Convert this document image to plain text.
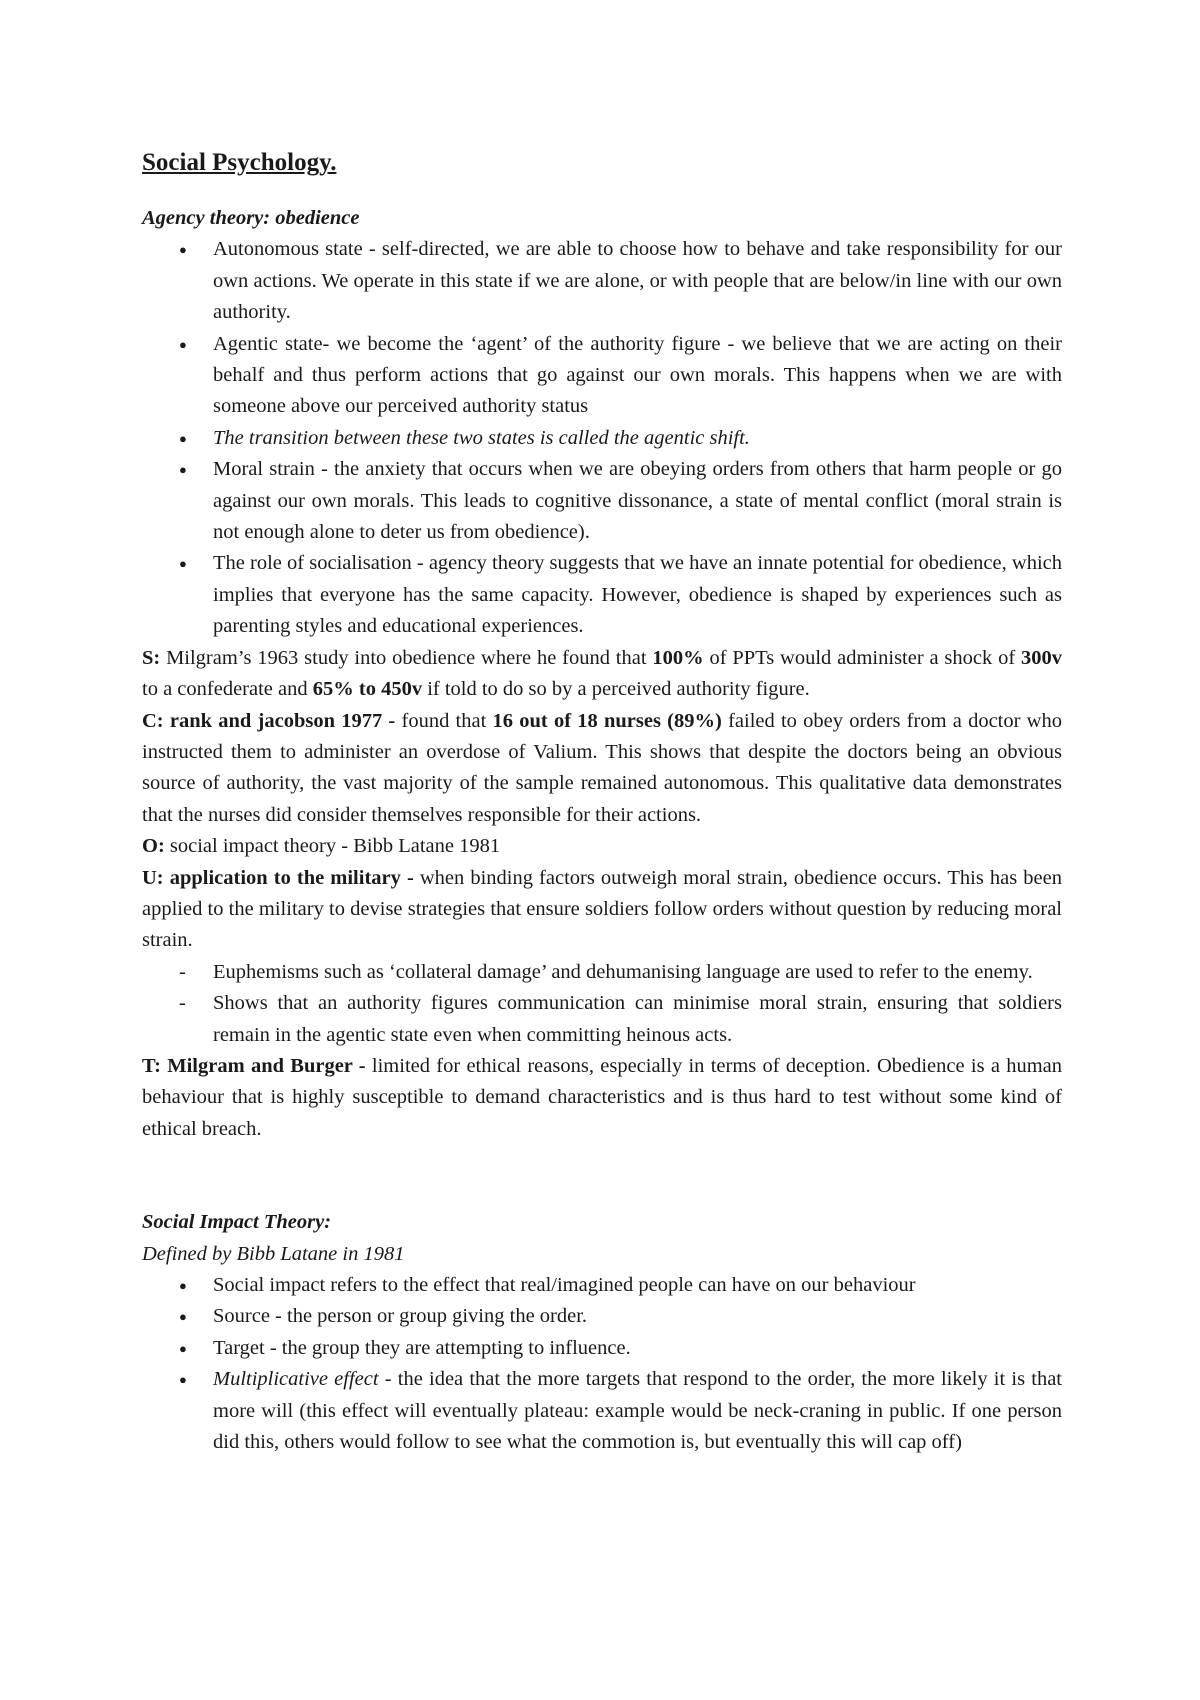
Social Psychology.
Agency theory: obedience
● Autonomous state - self-directed, we are able to choose how to behave and take responsibility for our own actions. We operate in this state if we are alone, or with people that are below/in line with our own authority.
● Agentic state- we become the ‘agent’ of the authority figure - we believe that we are acting on their behalf and thus perform actions that go against our own morals. This happens when we are with someone above our perceived authority status
● The transition between these two states is called the agentic shift.
● Moral strain - the anxiety that occurs when we are obeying orders from others that harm people or go against our own morals. This leads to cognitive dissonance, a state of mental conflict (moral strain is not enough alone to deter us from obedience).
● The role of socialisation - agency theory suggests that we have an innate potential for obedience, which implies that everyone has the same capacity. However, obedience is shaped by experiences such as parenting styles and educational experiences.

S: Milgram’s 1963 study into obedience where he found that 100% of PPTs would administer a shock of 300v to a confederate and 65% to 450v if told to do so by a perceived authority figure.

C: rank and jacobson 1977 - found that 16 out of 18 nurses (89%) failed to obey orders from a doctor who instructed them to administer an overdose of Valium. This shows that despite the doctors being an obvious source of authority, the vast majority of the sample remained autonomous. This qualitative data demonstrates that the nurses did consider themselves responsible for their actions.

O: social impact theory - Bibb Latane 1981

U: application to the military - when binding factors outweigh moral strain, obedience occurs. This has been applied to the military to devise strategies that ensure soldiers follow orders without question by reducing moral strain.

- Euphemisms such as ‘collateral damage’ and dehumanising language are used to refer to the enemy.
- Shows that an authority figures communication can minimise moral strain, ensuring that soldiers remain in the agentic state even when committing heinous acts.

T: Milgram and Burger - limited for ethical reasons, especially in terms of deception. Obedience is a human behaviour that is highly susceptible to demand characteristics and is thus hard to test without some kind of ethical breach.

Social Impact Theory:
Defined by Bibb Latane in 1981
● Social impact refers to the effect that real/imagined people can have on our behaviour
● Source - the person or group giving the order.
● Target - the group they are attempting to influence.
● Multiplicative effect - the idea that the more targets that respond to the order, the more likely it is that more will (this effect will eventually plateau: example would be neck-craning in public. If one person did this, others would follow to see what the commotion is, but eventually this will cap off)
